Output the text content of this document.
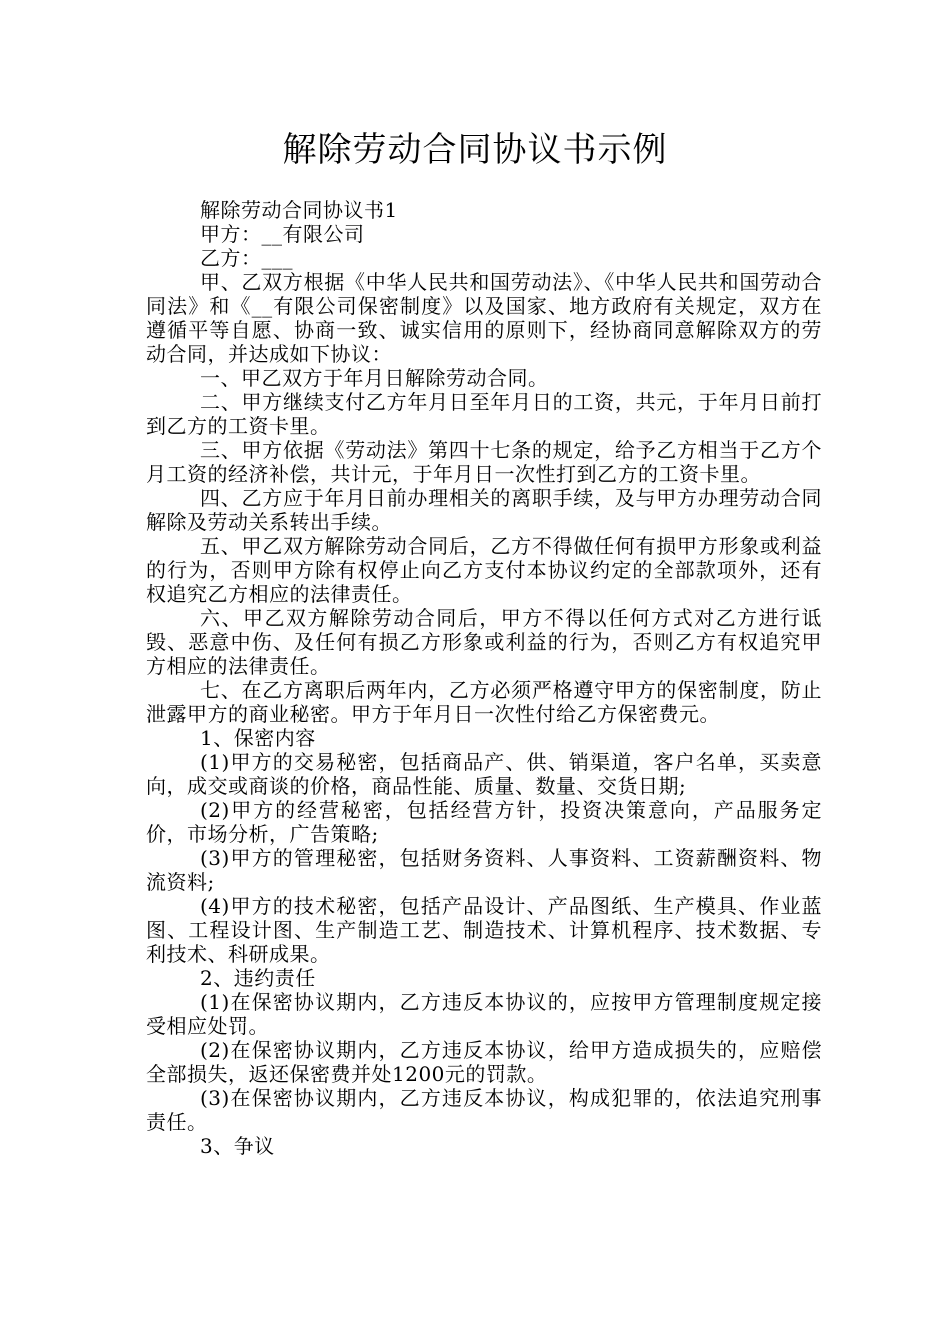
解除劳动合同协议书示例

解除劳动合同协议书1

甲方：__有限公司

乙方：___

甲、乙双方根据《中华人民共和国劳动法》、《中华人民共和国劳动合同法》和《__有限公司保密制度》以及国家、地方政府有关规定，双方在遵循平等自愿、协商一致、诚实信用的原则下，经协商同意解除双方的劳动合同，并达成如下协议：

一、甲乙双方于年月日解除劳动合同。

二、甲方继续支付乙方年月日至年月日的工资，共元，于年月日前打到乙方的工资卡里。

三、甲方依据《劳动法》第四十七条的规定，给予乙方相当于乙方个月工资的经济补偿，共计元，于年月日一次性打到乙方的工资卡里。

四、乙方应于年月日前办理相关的离职手续，及与甲方办理劳动合同解除及劳动关系转出手续。

五、甲乙双方解除劳动合同后，乙方不得做任何有损甲方形象或利益的行为，否则甲方除有权停止向乙方支付本协议约定的全部款项外，还有权追究乙方相应的法律责任。

六、甲乙双方解除劳动合同后，甲方不得以任何方式对乙方进行诋毁、恶意中伤、及任何有损乙方形象或利益的行为，否则乙方有权追究甲方相应的法律责任。

七、在乙方离职后两年内，乙方必须严格遵守甲方的保密制度，防止泄露甲方的商业秘密。甲方于年月日一次性付给乙方保密费元。

1、保密内容

(1)甲方的交易秘密，包括商品产、供、销渠道，客户名单，买卖意向，成交或商谈的价格，商品性能、质量、数量、交货日期;

(2)甲方的经营秘密，包括经营方针，投资决策意向，产品服务定价，市场分析，广告策略;

(3)甲方的管理秘密，包括财务资料、人事资料、工资薪酬资料、物流资料;

(4)甲方的技术秘密，包括产品设计、产品图纸、生产模具、作业蓝图、工程设计图、生产制造工艺、制造技术、计算机程序、技术数据、专利技术、科研成果。

2、违约责任

(1)在保密协议期内，乙方违反本协议的，应按甲方管理制度规定接受相应处罚。

(2)在保密协议期内，乙方违反本协议，给甲方造成损失的，应赔偿全部损失，返还保密费并处1200元的罚款。

(3)在保密协议期内，乙方违反本协议，构成犯罪的，依法追究刑事责任。

3、争议
